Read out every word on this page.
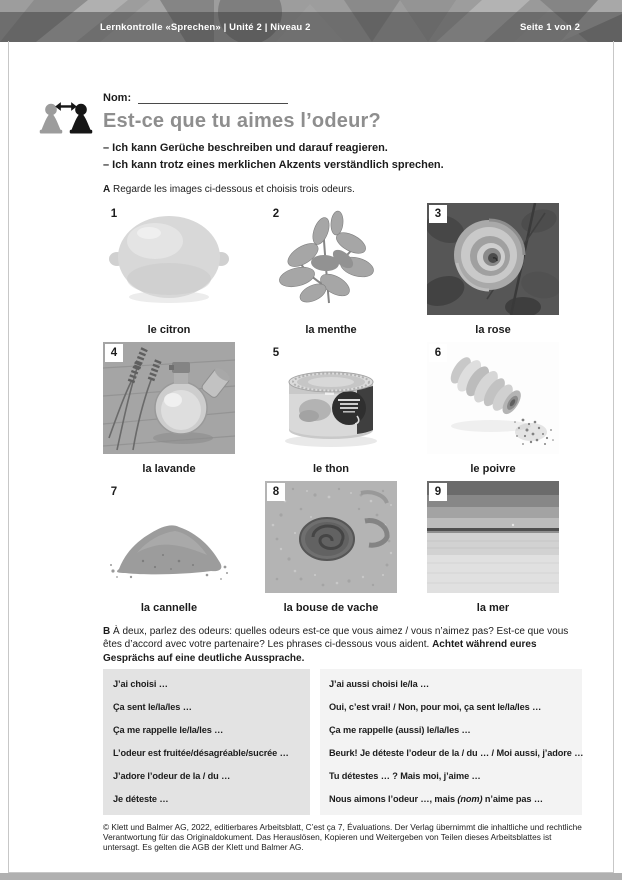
Lernkontrolle «Sprechen» | Unité 2 | Niveau 2	Seite 1 von 2
Nom:
Est-ce que tu aimes l’odeur?
– Ich kann Gerüche beschreiben und darauf reagieren.
– Ich kann trotz eines merklichen Akzents verständlich sprechen.

A Regarde les images ci-dessous et choisis trois odeurs.

1
le citron
2
la menthe
3
la rose
4
la lavande
5
le thon
6
le poivre
7
la cannelle
8
la bouse de vache
9
la mer

B À deux, parlez des odeurs: quelles odeurs est-ce que vous aimez / vous n’aimez pas? Est-ce que vous êtes d’accord avec votre partenaire? Les phrases ci-dessous vous aident. Achtet während eures Gesprächs auf eine deutliche Aussprache.

J’ai choisi …
Ça sent le/la/les …
Ça me rappelle le/la/les …
L’odeur est fruitée/désagréable/sucrée …
J’adore l’odeur de la / du …
Je déteste …
J’ai aussi choisi le/la …
Oui, c’est vrai! / Non, pour moi, ça sent le/la/les …
Ça me rappelle (aussi) le/la/les …
Beurk! Je déteste l’odeur de la / du … / Moi aussi, j’adore …
Tu détestes … ? Mais moi, j’aime …
Nous aimons l’odeur …, mais (nom) n’aime pas …

© Klett und Balmer AG, 2022, editierbares Arbeitsblatt, C’est ça 7, Évaluations. Der Verlag übernimmt die inhaltliche und rechtliche Verantwortung für das Originaldokument. Das Herauslösen, Kopieren und Weitergeben von Teilen dieses Arbeitsblattes ist untersagt. Es gelten die AGB der Klett und Balmer AG.
